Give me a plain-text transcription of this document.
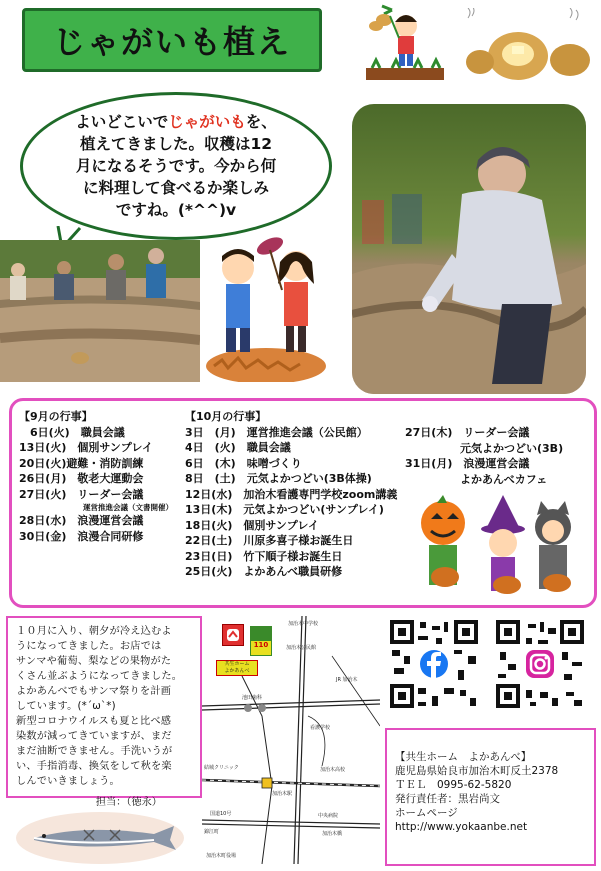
じゃがいも植え
よいどこいでじゃがいもを、
植えてきました。収穫は12
月になるそうです。今から何
に料理して食べるか楽しみ
ですね。(*^^)v
【9月の行事】
　6日(火)　職員会議
13日(火)　個別サンプレイ
20日(火)避難・消防訓練
26日(月)　敬老大運動会
27日(火)　リーダー会議
運営推進会議（文書開催）
28日(水)　浪漫運営会議
30日(金)　浪漫合同研修
【10月の行事】
3日　(月)　運営推進会議（公民館）
4日　(火)　職員会議
6日　(木)　味噌づくり
8日　(土)　元気よかつどい(3B体操)
12日(水)　 加治木看護専門学校zoom講義
13日(木)　元気よかつどい(サンプレイ)
18日(火)　個別サンプレイ
22日(土)　川原多喜子様お誕生日
23日(日)　竹下順子様お誕生日
25日(火)　よかあんべ職員研修
27日(木)　リーダー会議
　　　　　元気よかつどい(3B)
31日(月)　浪漫運営会議
　　　　　よかあんべカフェ
１０月に入り、朝夕が冷え込むよ
うになってきました。お店では
サンマや葡萄、梨などの果物がた
くさん並ぶようになってきました。
よかあんべでもサンマ祭りを計画
しています。(*ˊωˋ*)
新型コロナウイルスも夏と比べ感
染数が減ってきていますが、まだ
まだ油断できません。手洗いうが
い、手指消毒、換気をして秋を楽
しんでいきましょう。
担当：（徳永）
110
共生ホーム
よかあんべ
加治木中学校
加治木公民館
JR 加治木
池田歯科
看護学校
加治木高校
結城クリニック
加治木駅
国道10号
錦江町	加治木橋
加治木町役場
中央病院
【共生ホーム　よかあんべ】
鹿児島県姶良市加治木町反土2378
ＴＥＬ　0995-62-5820
発行責任者：黒岩尚文
ホームページ
http://www.yokaanbe.net
